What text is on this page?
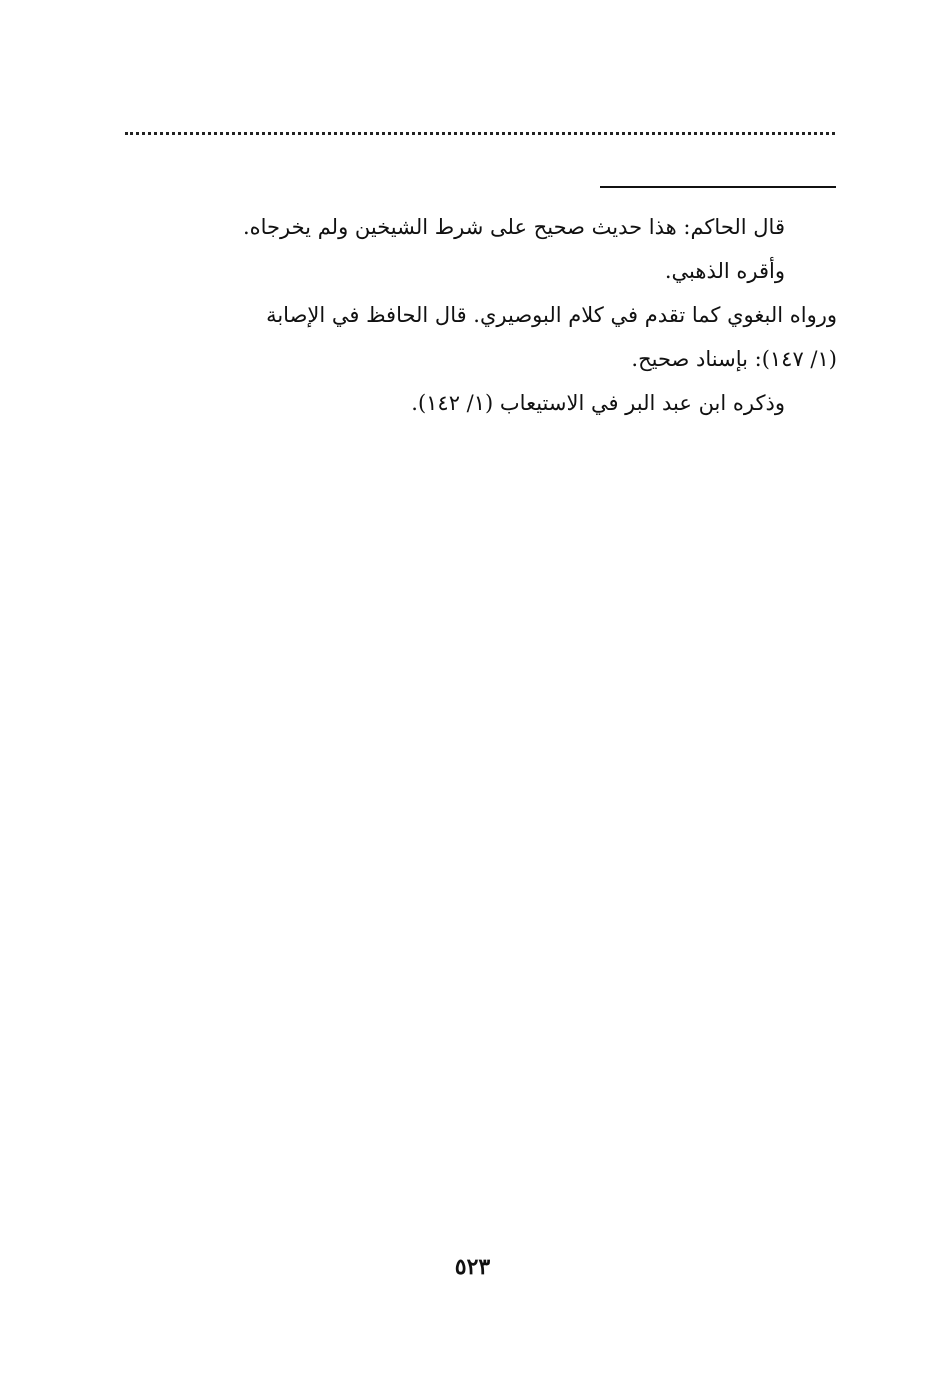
قال الحاكم: هذا حديث صحيح على شرط الشيخين ولم يخرجاه.

وأقره الذهبي.

ورواه البغوي كما تقدم في كلام البوصيري. قال الحافظ في الإصابة

(١/ ١٤٧): بإسناد صحيح.

وذكره ابن عبد البر في الاستيعاب (١/ ١٤٢).

٥٢٣
